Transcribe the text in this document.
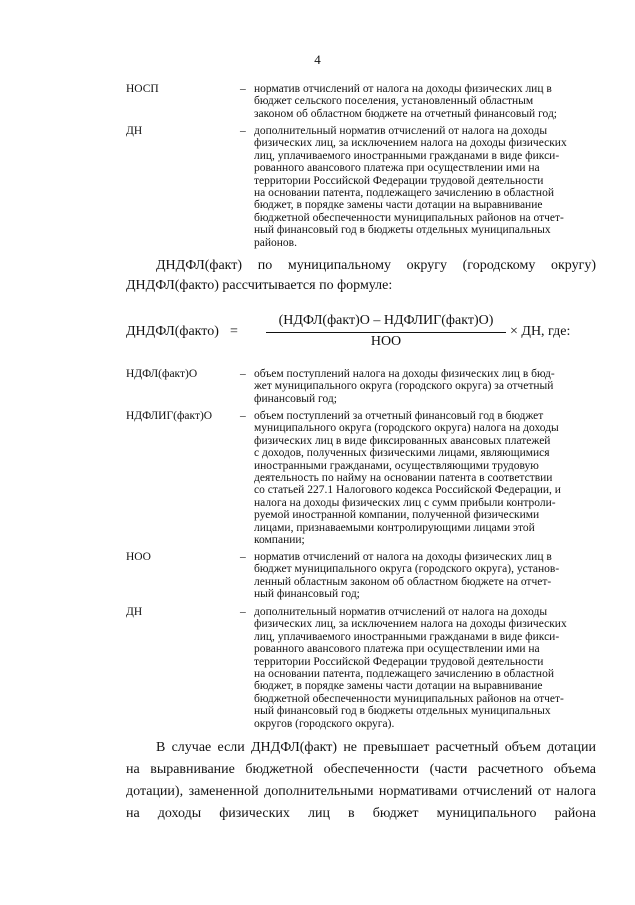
4
НОСП	– норматив отчислений от налога на доходы физических лиц в
бюджет сельского поселения, установленный областным
законом об областном бюджете на отчетный финансовый год;
ДН	– дополнительный норматив отчислений от налога на доходы
физических лиц, за исключением налога на доходы физических
лиц, уплачиваемого иностранными гражданами в виде фикси-
рованного авансового платежа при осуществлении ими на
территории Российской Федерации трудовой деятельности
на основании патента, подлежащего зачислению в областной
бюджет, в порядке замены части дотации на выравнивание
бюджетной обеспеченности муниципальных районов на отчет-
ный финансовый год в бюджеты отдельных муниципальных
районов.
ДНДФЛ(факт) по муниципальному округу (городскому округу)
ДНДФЛ(факто) рассчитывается по формуле:
ДНДФЛ(факто) =
(НДФЛ(факт)О – НДФЛИГ(факт)О)
НОО
× ДН, где:
НДФЛ(факт)О	– объем поступлений налога на доходы физических лиц в бюд-
жет муниципального округа (городского округа) за отчетный
финансовый год;
НДФЛИГ(факт)О – объем поступлений за отчетный финансовый год в бюджет
муниципального округа (городского округа) налога на доходы
физических лиц в виде фиксированных авансовых платежей
с доходов, полученных физическими лицами, являющимися
иностранными гражданами, осуществляющими трудовую
деятельность по найму на основании патента в соответствии
со статьей 227.1 Налогового кодекса Российской Федерации, и
налога на доходы физических лиц с сумм прибыли контроли-
руемой иностранной компании, полученной физическими
лицами, признаваемыми контролирующими лицами этой
компании;
НОО	– норматив отчислений от налога на доходы физических лиц в
бюджет муниципального округа (городского округа), установ-
ленный областным законом об областном бюджете на отчет-
ный финансовый год;
ДН	– дополнительный норматив отчислений от налога на доходы
физических лиц, за исключением налога на доходы физических
лиц, уплачиваемого иностранными гражданами в виде фикси-
рованного авансового платежа при осуществлении ими на
территории Российской Федерации трудовой деятельности
на основании патента, подлежащего зачислению в областной
бюджет, в порядке замены части дотации на выравнивание
бюджетной обеспеченности муниципальных районов на отчет-
ный финансовый год в бюджеты отдельных муниципальных
округов (городского округа).
В случае если ДНДФЛ(факт) не превышает расчетный объем дотации
на выравнивание бюджетной обеспеченности (части расчетного объема
дотации), замененной дополнительными нормативами отчислений от налога
на доходы физических лиц в бюджет муниципального района
